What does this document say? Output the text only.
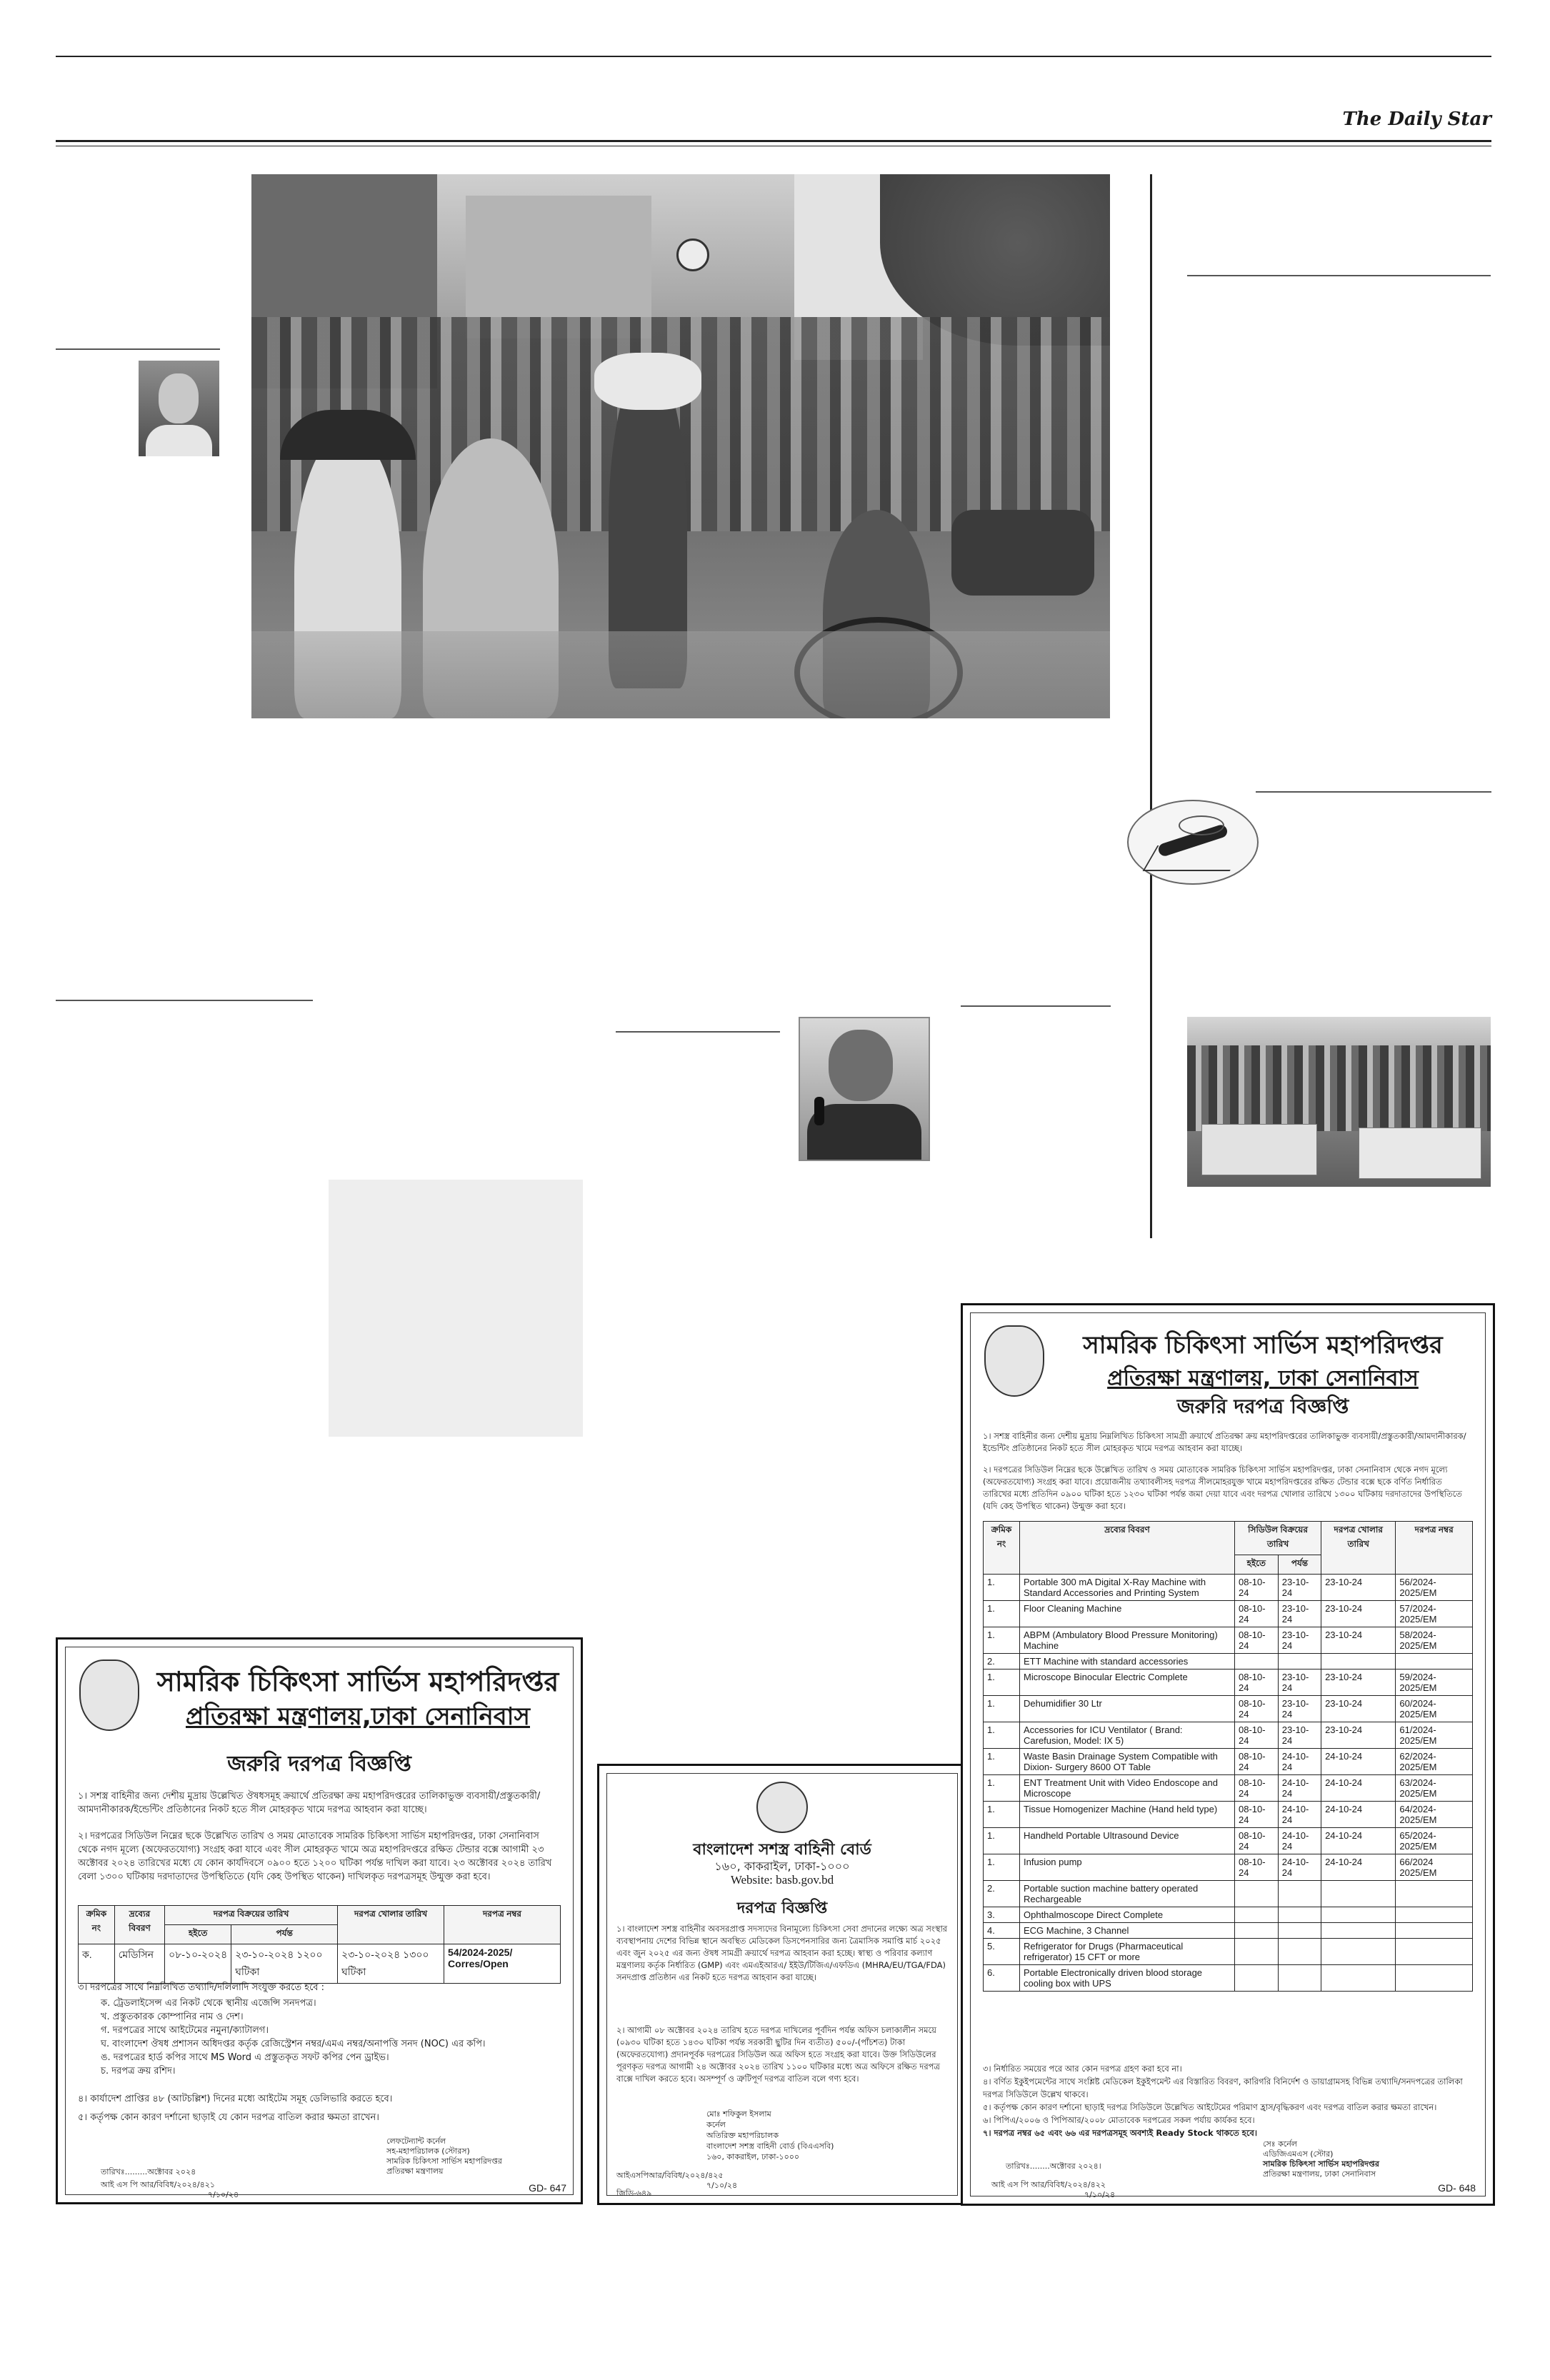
The Daily Star
সামরিক চিকিৎসা সার্ভিস মহাপরিদপ্তর
প্রতিরক্ষা মন্ত্রণালয়,ঢাকা সেনানিবাস
জরুরি দরপত্র বিজ্ঞপ্তি
১। সশস্ত্র বাহিনীর জন্য দেশীয় মুদ্রায় উল্লেখিত ঔষধসমূহ ক্রয়ার্থে প্রতিরক্ষা ক্রয় মহাপরিদপ্তরের তালিকাভুক্ত ব্যবসায়ী/প্রস্তুতকারী/আমদানীকারক/ইন্ডেন্টিং প্রতিষ্ঠানের নিকট হতে সীল মোহরকৃত খামে দরপত্র আহবান করা যাচ্ছে।
২। দরপত্রের সিডিউল নিম্নের ছকে উল্লেখিত তারিখ ও সময় মোতাবেক সামরিক চিকিৎসা সার্ভিস মহাপরিদপ্তর, ঢাকা সেনানিবাস থেকে নগদ মূল্যে (অফেরতযোগ্য) সংগ্রহ করা যাবে এবং সীল মোহরকৃত খামে অত্র মহাপরিদপ্তরে রক্ষিত টেন্ডার বক্সে আগামী ২৩ অক্টোবর ২০২৪ তারিখের মধ্যে যে কোন কার্যদিবসে ০৯০০ হতে ১২০০ ঘটিকা পর্যন্ত দাখিল করা যাবে। ২৩ অক্টোবর ২০২৪ তারিখ বেলা ১৩০০ ঘটিকায় দরদাতাদের উপস্থিতিতে (যদি কেহ উপস্থিত থাকেন) দাখিলকৃত দরপত্রসমূহ উন্মুক্ত করা হবে।
ক্রমিক নং	দ্রব্যের বিবরণ	দরপত্র বিক্রয়ের তারিখ		দরপত্র খোলার তারিখ	দরপত্র নম্বর
		হইতে	পর্যন্ত		
ক.	মেডিসিন	০৮-১০-২০২৪	২৩-১০-২০২৪ ১২০০ ঘটিকা	২৩-১০-২০২৪ ১৩০০ ঘটিকা	54/2024-2025/ Corres/Open
৩। দরপত্রের সাথে নিম্নলিখিত তথ্যাদি/দলিলাদি সংযুক্ত করতে হবে :
ক. ট্রেডলাইসেন্স এর নিকট থেকে স্থানীয় এজেন্সি সনদপত্র।
খ. প্রস্তুতকারক কোম্পানির নাম ও দেশ।
গ. দরপত্রের সাথে আইটেমের নমুনা/ক্যাটালগ।
ঘ. বাংলাদেশ ঔষধ প্রশাসন অধিদপ্তর কর্তৃক রেজিস্ট্রেশন নম্বর/এমএ নম্বর/অনাপত্তি সনদ (NOC) এর কপি।
ঙ. দরপত্রের হার্ড কপির সাথে MS Word এ প্রস্তুতকৃত সফট কপির পেন ড্রাইভ।
চ. দরপত্র ক্রয় রশিদ।
৪। কার্যাদেশ প্রাপ্তির ৪৮ (আটচল্লিশ) দিনের মধ্যে আইটেম সমূহ ডেলিভারি করতে হবে।
৫। কর্তৃপক্ষ কোন কারণ দর্শানো ছাড়াই যে কোন দরপত্র বাতিল করার ক্ষমতা রাখেন।
লেফটেন্যান্ট কর্নেল
সহ-মহাপরিচালক (স্টোরস)
সামরিক চিকিৎসা সার্ভিস মহাপরিদপ্তর
প্রতিরক্ষা মন্ত্রণালয়
তারিখঃ.........অক্টোবর ২০২৪
আই এস পি আর/বিবিধ/২০২৪/৪২১
৭/১০/২৪
GD- 647
বাংলাদেশ সশস্ত্র বাহিনী বোর্ড
১৬০, কাকরাইল, ঢাকা-১০০০
Website: basb.gov.bd
দরপত্র বিজ্ঞপ্তি
১। বাংলাদেশ সশস্ত্র বাহিনীর অবসরপ্রাপ্ত সদস্যদের বিনামূল্যে চিকিৎসা সেবা প্রদানের লক্ষ্যে অত্র সংস্থার ব্যবস্থাপনায় দেশের বিভিন্ন স্থানে অবস্থিত মেডিকেল ডিসপেনসারির জন্য ত্রৈমাসিক সমাপ্তি মার্চ ২০২৫ এবং জুন ২০২৫ এর জন্য ঔষধ সামগ্রী ক্রয়ার্থে দরপত্র আহবান করা হচ্ছে। স্বাস্থ্য ও পরিবার কল্যাণ মন্ত্রণালয় কর্তৃক নির্ধারিত (GMP) এবং এমএইআরএ/ ইইউ/টিজিএ/এফডিএ (MHRA/EU/TGA/FDA) সনদপ্রাপ্ত প্রতিষ্ঠান এর নিকট হতে দরপত্র আহবান করা যাচ্ছে।
২। আগামী ০৮ অক্টোবর ২০২৪ তারিখ হতে দরপত্র দাখিলের পূর্বদিন পর্যন্ত অফিস চলাকালীন সময়ে (০৯৩০ ঘটিকা হতে ১৪৩০ ঘটিকা পর্যন্ত সরকারী ছুটির দিন ব্যতীত) ৫০০/-(পাঁচশত) টাকা (অফেরতযোগ্য) প্রদানপূর্বক দরপত্রের সিডিউল অত্র অফিস হতে সংগ্রহ করা যাবে। উক্ত সিডিউলের পূরণকৃত দরপত্র আগামী ২৪ অক্টোবর ২০২৪ তারিখ ১১০০ ঘটিকার মধ্যে অত্র অফিসে রক্ষিত দরপত্র বাক্সে দাখিল করতে হবে। অসম্পূর্ণ ও ত্রুটিপূর্ণ দরপত্র বাতিল বলে গণ্য হবে।
মোঃ শফিকুল ইসলাম
কর্নেল
অতিরিক্ত মহাপরিচালক
বাংলাদেশ সশস্ত্র বাহিনী বোর্ড (বিএএসবি)
১৬০, কাকরাইল, ঢাকা-১০০০
আইএসপিআর/বিবিধ/২০২৪/৪২৫
৭/১০/২৪
জিডি-৬৪৯
সামরিক চিকিৎসা সার্ভিস মহাপরিদপ্তর
প্রতিরক্ষা মন্ত্রণালয়, ঢাকা সেনানিবাস
জরুরি দরপত্র বিজ্ঞপ্তি
১। সশস্ত্র বাহিনীর জন্য দেশীয় মুদ্রায় নিম্নলিখিত চিকিৎসা সামগ্রী ক্রয়ার্থে প্রতিরক্ষা ক্রয় মহাপরিদপ্তরের তালিকাভুক্ত ব্যবসায়ী/প্রস্তুতকারী/আমদানীকারক/ইন্ডেন্টিং প্রতিষ্ঠানের নিকট হতে সীল মোহরকৃত খামে দরপত্র আহবান করা যাচ্ছে।
২। দরপত্রের সিডিউল নিম্নের ছকে উল্লেখিত তারিখ ও সময় মোতাবেক সামরিক চিকিৎসা সার্ভিস মহাপরিদপ্তর, ঢাকা সেনানিবাস থেকে নগদ মূল্যে (অফেরতযোগ্য) সংগ্রহ করা যাবে। প্রয়োজনীয় তথ্যাবলীসহ দরপত্র সীলমোহরযুক্ত খামে মহাপরিদপ্তরের রক্ষিত টেন্ডার বক্সে ছকে বর্ণিত নির্ধারিত তারিখের মধ্যে প্রতিদিন ০৯০০ ঘটিকা হতে ১২৩০ ঘটিকা পর্যন্ত জমা দেয়া যাবে এবং দরপত্র খোলার তারিখে ১৩০০ ঘটিকায় দরদাতাদের উপস্থিতিতে (যদি কেহ উপস্থিত থাকেন) উন্মুক্ত করা হবে।
ক্রমিক নং	দ্রব্যের বিবরণ	সিডিউল বিক্রয়ের তারিখ		দরপত্র খোলার তারিখ	দরপত্র নম্বর
		হইতে	পর্যন্ত		
1.	Portable 300 mA Digital X-Ray Machine with Standard Accessories and Printing System	08-10-24	23-10-24	23-10-24	56/2024-2025/EM
1.	Floor Cleaning Machine	08-10-24	23-10-24	23-10-24	57/2024-2025/EM
1.	ABPM (Ambulatory Blood Pressure Monitoring) Machine	08-10-24	23-10-24	23-10-24	58/2024-2025/EM
2.	ETT Machine with standard accessories				
1.	Microscope Binocular Electric Complete	08-10-24	23-10-24	23-10-24	59/2024-2025/EM
1.	Dehumidifier 30 Ltr	08-10-24	23-10-24	23-10-24	60/2024-2025/EM
1.	Accessories for ICU Ventilator ( Brand: Carefusion, Model: IX 5)	08-10-24	23-10-24	23-10-24	61/2024-2025/EM
1.	Waste Basin Drainage System Compatible with Dixion- Surgery 8600 OT Table	08-10-24	24-10-24	24-10-24	62/2024-2025/EM
1.	ENT Treatment Unit with Video Endoscope and Microscope	08-10-24	24-10-24	24-10-24	63/2024-2025/EM
1.	Tissue Homogenizer Machine (Hand held type)	08-10-24	24-10-24	24-10-24	64/2024-2025/EM
1.	Handheld Portable Ultrasound Device	08-10-24	24-10-24	24-10-24	65/2024-2025/EM
1.	Infusion pump	08-10-24	24-10-24	24-10-24	66/2024 2025/EM
2.	Portable suction machine battery operated Rechargeable				
3.	Ophthalmoscope Direct Complete				
4.	ECG Machine, 3 Channel				
5.	Refrigerator for Drugs (Pharmaceutical refrigerator) 15 CFT or more				
6.	Portable Electronically driven blood storage cooling box with UPS				
৩। নির্ধারিত সময়ের পরে আর কোন দরপত্র গ্রহণ করা হবে না।
৪। বর্ণিত ইকুইপমেন্টের সাথে সংশ্লিষ্ট মেডিকেল ইকুইপমেন্ট এর বিস্তারিত বিবরণ, কারিগরি বিনির্দেশ ও ডায়াগ্রামসহ বিভিন্ন তথ্যাদি/সনদপত্রের তালিকা দরপত্র সিডিউলে উল্লেখ থাকবে।
৫। কর্তৃপক্ষ কোন কারণ দর্শানো ছাড়াই দরপত্র সিডিউলে উল্লেখিত আইটেমের পরিমাণ হ্রাস/বৃদ্ধিকরণ এবং দরপত্র বাতিল করার ক্ষমতা রাখেন।
৬। পিপিএ/২০০৬ ও পিপিআর/২০০৮ মোতাবেক দরপত্রের সকল পর্যায় কার্যকর হবে।
৭। দরপত্র নম্বর ৬৫ এবং ৬৬ এর দরপত্রসমূহ অবশ্যই Ready Stock থাকতে হবে।
সেঃ কর্নেল
এডিজিএমএস (স্টোর)
সামরিক চিকিৎসা সার্ভিস মহাপরিদপ্তর
প্রতিরক্ষা মন্ত্রণালয়, ঢাকা সেনানিবাস
তারিখঃ........অক্টোবর ২০২৪।
আই এস পি আর/বিবিধ/২০২৪/৪২২
৭/১০/২৪
GD- 648
